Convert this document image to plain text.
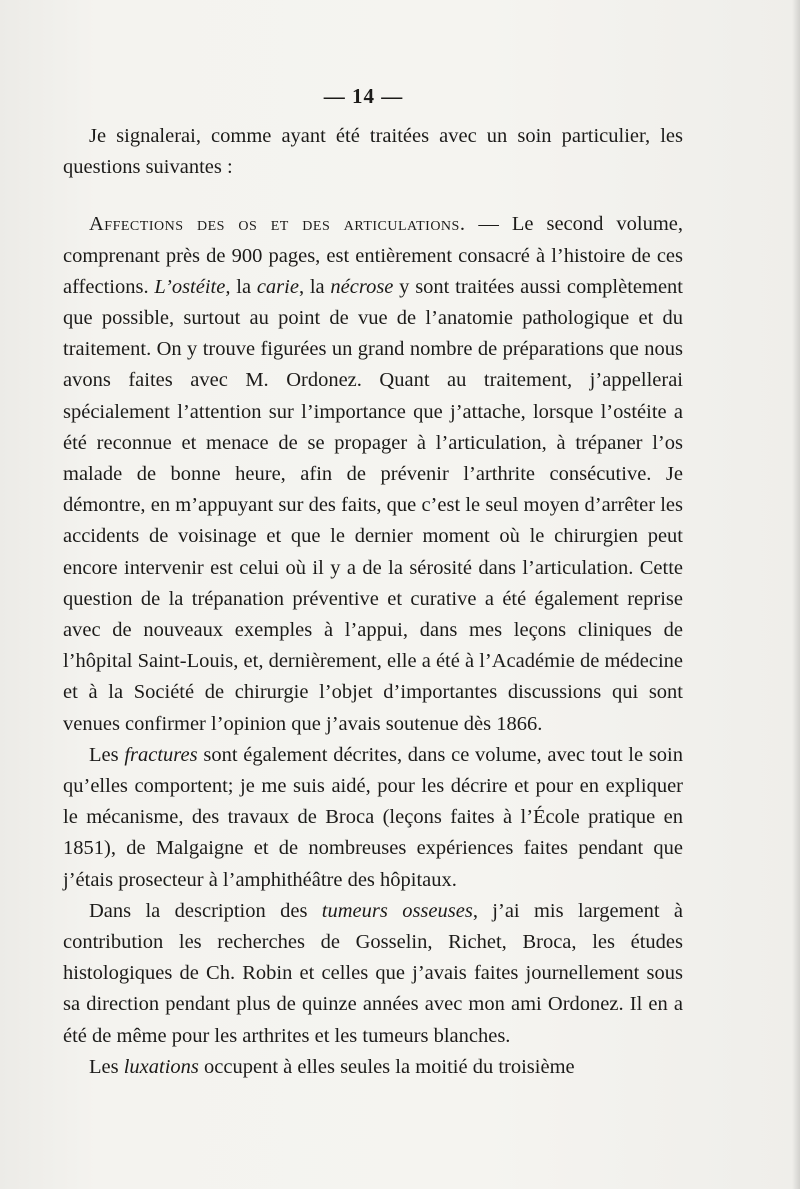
— 14 —

Je signalerai, comme ayant été traitées avec un soin particulier, les questions suivantes :

Affections des os et des articulations. — Le second volume, comprenant près de 900 pages, est entièrement consacré à l’histoire de ces affections. L’ostéite, la carie, la nécrose y sont traitées aussi complètement que possible, surtout au point de vue de l’anatomie pathologique et du traitement. On y trouve figurées un grand nombre de préparations que nous avons faites avec M. Ordonez. Quant au traitement, j’appellerai spécialement l’attention sur l’importance que j’attache, lorsque l’ostéite a été reconnue et menace de se propager à l’articulation, à trépaner l’os malade de bonne heure, afin de prévenir l’arthrite consécutive. Je démontre, en m’appuyant sur des faits, que c’est le seul moyen d’arrêter les accidents de voisinage et que le dernier moment où le chirurgien peut encore intervenir est celui où il y a de la sérosité dans l’articulation. Cette question de la trépanation préventive et curative a été également reprise avec de nouveaux exemples à l’appui, dans mes leçons cliniques de l’hôpital Saint-Louis, et, dernièrement, elle a été à l’Académie de médecine et à la Société de chirurgie l’objet d’importantes discussions qui sont venues confirmer l’opinion que j’avais soutenue dès 1866.

Les fractures sont également décrites, dans ce volume, avec tout le soin qu’elles comportent; je me suis aidé, pour les décrire et pour en expliquer le mécanisme, des travaux de Broca (leçons faites à l’École pratique en 1851), de Malgaigne et de nombreuses expériences faites pendant que j’étais prosecteur à l’amphithéâtre des hôpitaux.

Dans la description des tumeurs osseuses, j’ai mis largement à contribution les recherches de Gosselin, Richet, Broca, les études histologiques de Ch. Robin et celles que j’avais faites journellement sous sa direction pendant plus de quinze années avec mon ami Ordonez. Il en a été de même pour les arthrites et les tumeurs blanches.

Les luxations occupent à elles seules la moitié du troisième
